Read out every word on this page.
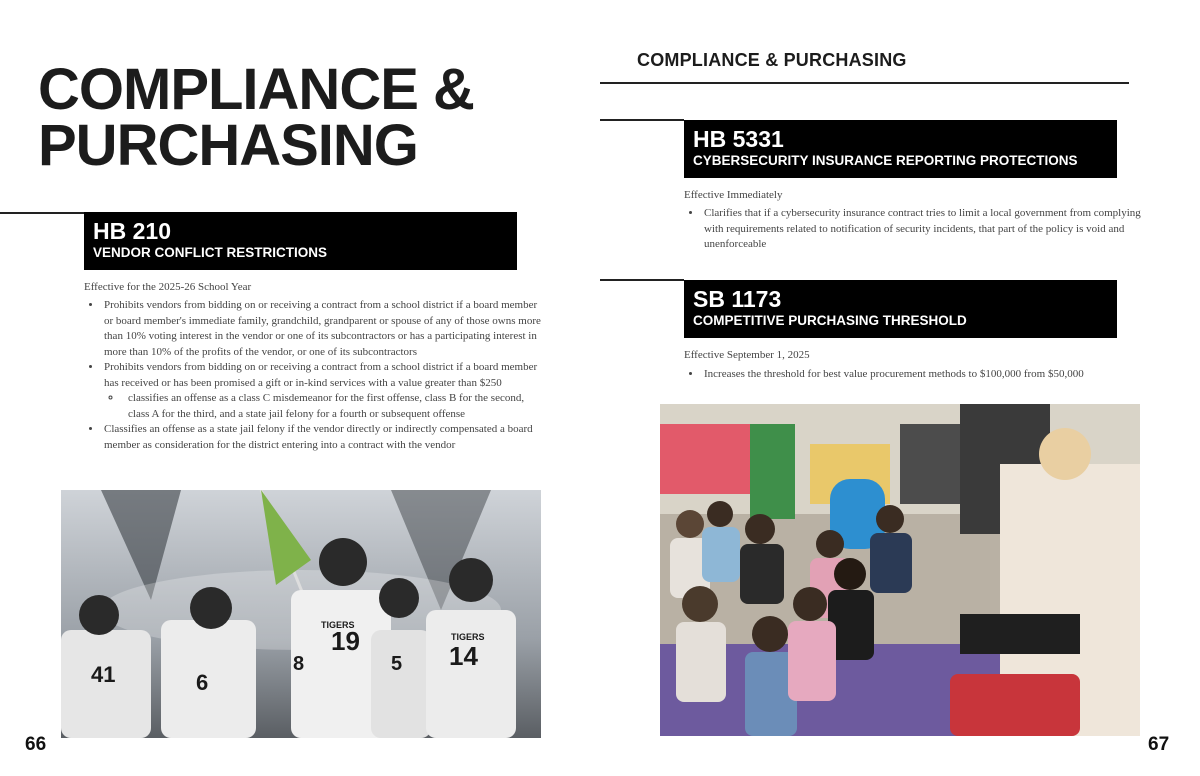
COMPLIANCE &
PURCHASING
HB 210
VENDOR CONFLICT RESTRICTIONS
Effective for the 2025-26 School Year
• Prohibits vendors from bidding on or receiving a contract from a school district if a board member or board member's immediate family, grandchild, grandparent or spouse of any of those owns more than 10% voting interest in the vendor or one of its subcontractors or has a participating interest in more than 10% of the profits of the vendor, or one of its subcontractors
• Prohibits vendors from bidding on or receiving a contract from a school district if a board member has received or has been promised a gift or in-kind services with a value greater than $250
◦ classifies an offense as a class C misdemeanor for the first offense, class B for the second, class A for the third, and a state jail felony for a fourth or subsequent offense
• Classifies an offense as a state jail felony if the vendor directly or indirectly compensated a board member as consideration for the district entering into a contract with the vendor
41	6
8
19
5 14
TIGERS
TIGERS
66
COMPLIANCE & PURCHASING
HB 5331
CYBERSECURITY INSURANCE REPORTING PROTECTIONS
Effective Immediately
• Clarifies that if a cybersecurity insurance contract tries to limit a local government from complying with requirements related to notification of security incidents, that part of the policy is void and unenforceable
SB 1173
COMPETITIVE PURCHASING THRESHOLD
Effective September 1, 2025
• Increases the threshold for best value procurement methods to $100,000 from $50,000
67
